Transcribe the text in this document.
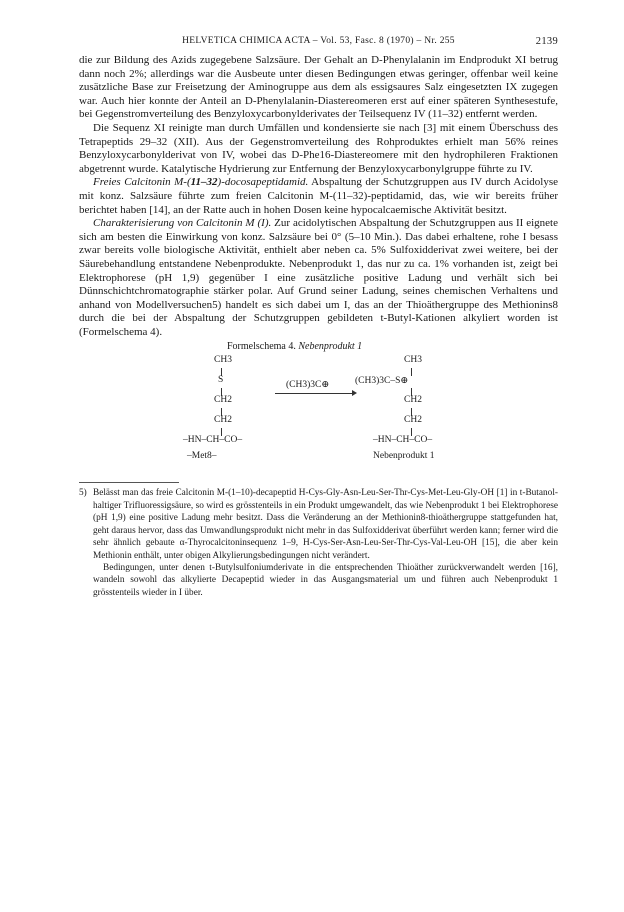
HELVETICA CHIMICA ACTA – Vol. 53, Fasc. 8 (1970) – Nr. 255	2139

die zur Bildung des Azids zugegebene Salzsäure. Der Gehalt an D-Phenylalanin im Endprodukt XI betrug dann noch 2%; allerdings war die Ausbeute unter diesen Bedingungen etwas geringer, offenbar weil keine zusätzliche Base zur Freisetzung der Aminogruppe aus dem als essigsaures Salz eingesetzten IX zugegen war. Auch hier konnte der Anteil an D-Phenylalanin-Diastereomeren erst auf einer späteren Synthesestufe, bei Gegenstromverteilung des Benzyloxycarbonylderivates der Teilsequenz IV (11–32) entfernt werden.

Die Sequenz XI reinigte man durch Umfällen und kondensierte sie nach [3] mit einem Überschuss des Tetrapeptids 29–32 (XII). Aus der Gegenstromverteilung des Rohproduktes erhielt man 56% reines Benzyloxycarbonylderivat von IV, wobei das D-Phe16-Diastereomere mit den hydrophileren Fraktionen abgetrennt wurde. Katalytische Hydrierung zur Entfernung der Benzyloxycarbonylgruppe führte zu IV.

Freies Calcitonin M-(11–32)-docosapeptidamid. Abspaltung der Schutzgruppen aus IV durch Acidolyse mit konz. Salzsäure führte zum freien Calcitonin M-(11–32)-peptidamid, das, wie wir bereits früher berichtet haben [14], an der Ratte auch in hohen Dosen keine hypocalcaemische Aktivität besitzt.

Charakterisierung von Calcitonin M (I). Zur acidolytischen Abspaltung der Schutzgruppen aus II eignete sich am besten die Einwirkung von konz. Salzsäure bei 0° (5–10 Min.). Das dabei erhaltene, rohe I besass zwar bereits volle biologische Aktivität, enthielt aber neben ca. 5% Sulfoxidderivat zwei weitere, bei der Säurebehandlung entstandene Nebenprodukte. Nebenprodukt 1, das nur zu ca. 1% vorhanden ist, zeigt bei Elektrophorese (pH 1,9) gegenüber I eine zusätzliche positive Ladung und verhält sich bei Dünnschichtchromatographie stärker polar. Auf Grund seiner Ladung, seines chemischen Verhaltens und anhand von Modellversuchen5) handelt es sich dabei um I, das an der Thioäthergruppe des Methionins8 durch die bei der Abspaltung der Schutzgruppen gebildeten t-Butyl-Kationen alkyliert worden ist (Formelschema 4).

Formelschema 4. Nebenprodukt 1
CH3
S
CH2
CH2
–HN–CH–CO–
–Met8–
(CH3)3C⊕
CH3
(CH3)3C–S⊕
CH2
CH2
–HN–CH–CO–
Nebenprodukt 1

5) Belässt man das freie Calcitonin M-(1–10)-decapeptid H-Cys-Gly-Asn-Leu-Ser-Thr-Cys-Met-Leu-Gly-OH [1] in t-Butanol-haltiger Trifluoressigsäure, so wird es grösstenteils in ein Produkt umgewandelt, das wie Nebenprodukt 1 bei Elektrophorese (pH 1,9) eine positive Ladung mehr besitzt. Dass die Veränderung an der Methionin8-thioäthergruppe stattgefunden hat, geht daraus hervor, dass das Umwandlungsprodukt nicht mehr in das Sulfoxidderivat überführt werden kann; ferner wird die sehr ähnlich gebaute α-Thyrocalcitoninsequenz 1–9, H-Cys-Ser-Asn-Leu-Ser-Thr-Cys-Val-Leu-OH [15], die aber kein Methionin enthält, unter obigen Alkylierungsbedingungen nicht verändert.

Bedingungen, unter denen t-Butylsulfoniumderivate in die entsprechenden Thioäther zurückverwandelt werden [16], wandeln sowohl das alkylierte Decapeptid wieder in das Ausgangsmaterial um und führen auch Nebenprodukt 1 grösstenteils wieder in I über.
